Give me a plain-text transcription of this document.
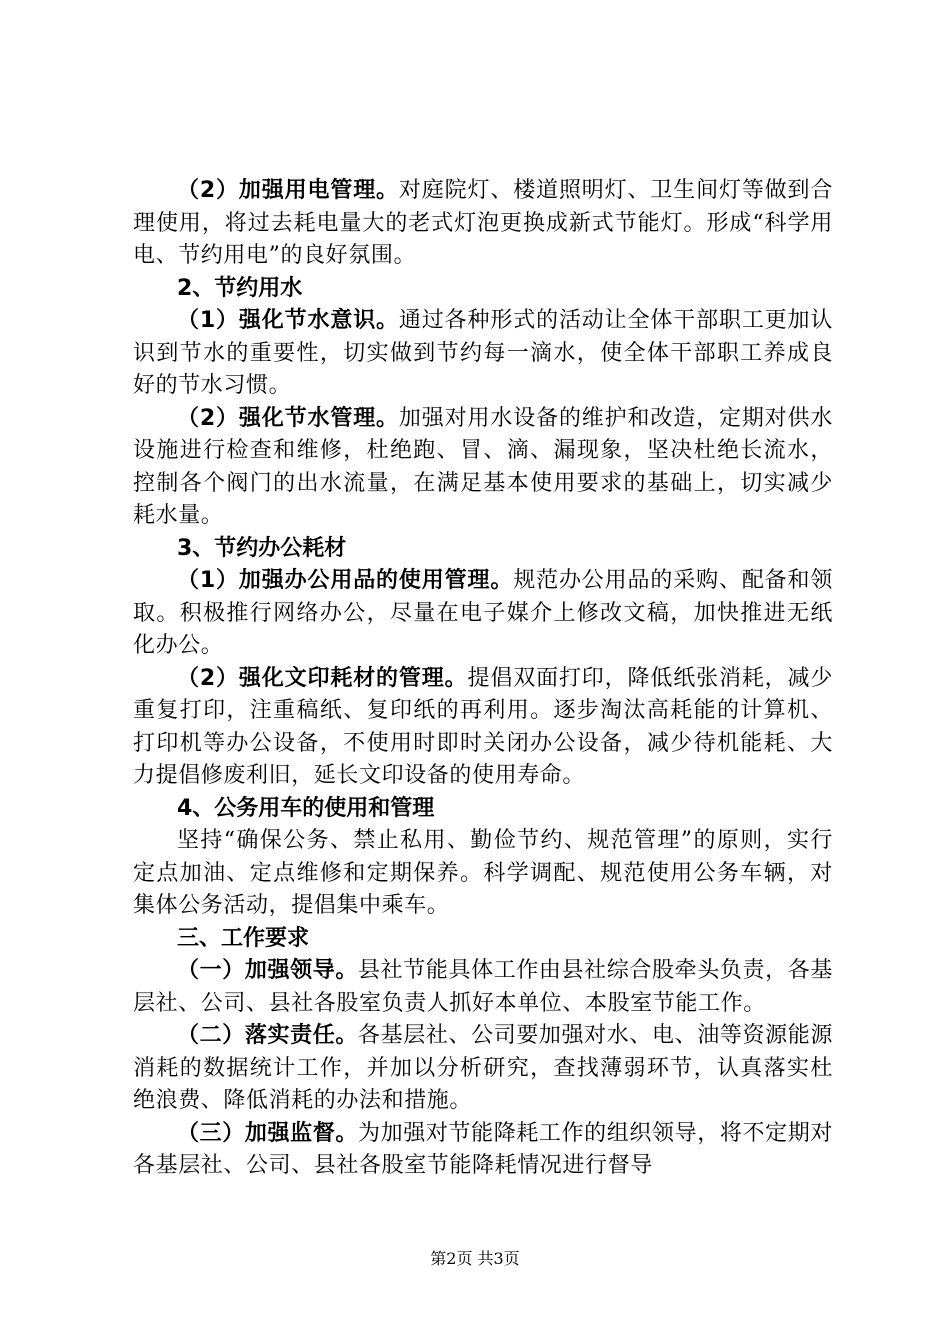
（2）加强用电管理。对庭院灯、楼道照明灯、卫生间灯等做到合理使用，将过去耗电量大的老式灯泡更换成新式节能灯。形成“科学用电、节约用电”的良好氛围。

2、节约用水

（1）强化节水意识。通过各种形式的活动让全体干部职工更加认识到节水的重要性，切实做到节约每一滴水，使全体干部职工养成良好的节水习惯。

（2）强化节水管理。加强对用水设备的维护和改造，定期对供水设施进行检查和维修，杜绝跑、冒、滴、漏现象，坚决杜绝长流水，控制各个阀门的出水流量，在满足基本使用要求的基础上，切实减少耗水量。

3、节约办公耗材

（1）加强办公用品的使用管理。规范办公用品的采购、配备和领取。积极推行网络办公，尽量在电子媒介上修改文稿，加快推进无纸化办公。

（2）强化文印耗材的管理。提倡双面打印，降低纸张消耗，减少重复打印，注重稿纸、复印纸的再利用。逐步淘汰高耗能的计算机、打印机等办公设备，不使用时即时关闭办公设备，减少待机能耗、大力提倡修废利旧，延长文印设备的使用寿命。

4、公务用车的使用和管理

坚持“确保公务、禁止私用、勤俭节约、规范管理”的原则，实行定点加油、定点维修和定期保养。科学调配、规范使用公务车辆，对集体公务活动，提倡集中乘车。

三、工作要求

（一）加强领导。县社节能具体工作由县社综合股牵头负责，各基层社、公司、县社各股室负责人抓好本单位、本股室节能工作。

（二）落实责任。各基层社、公司要加强对水、电、油等资源能源消耗的数据统计工作，并加以分析研究，查找薄弱环节，认真落实杜绝浪费、降低消耗的办法和措施。

（三）加强监督。为加强对节能降耗工作的组织领导，将不定期对各基层社、公司、县社各股室节能降耗情况进行督导

第2页 共3页
